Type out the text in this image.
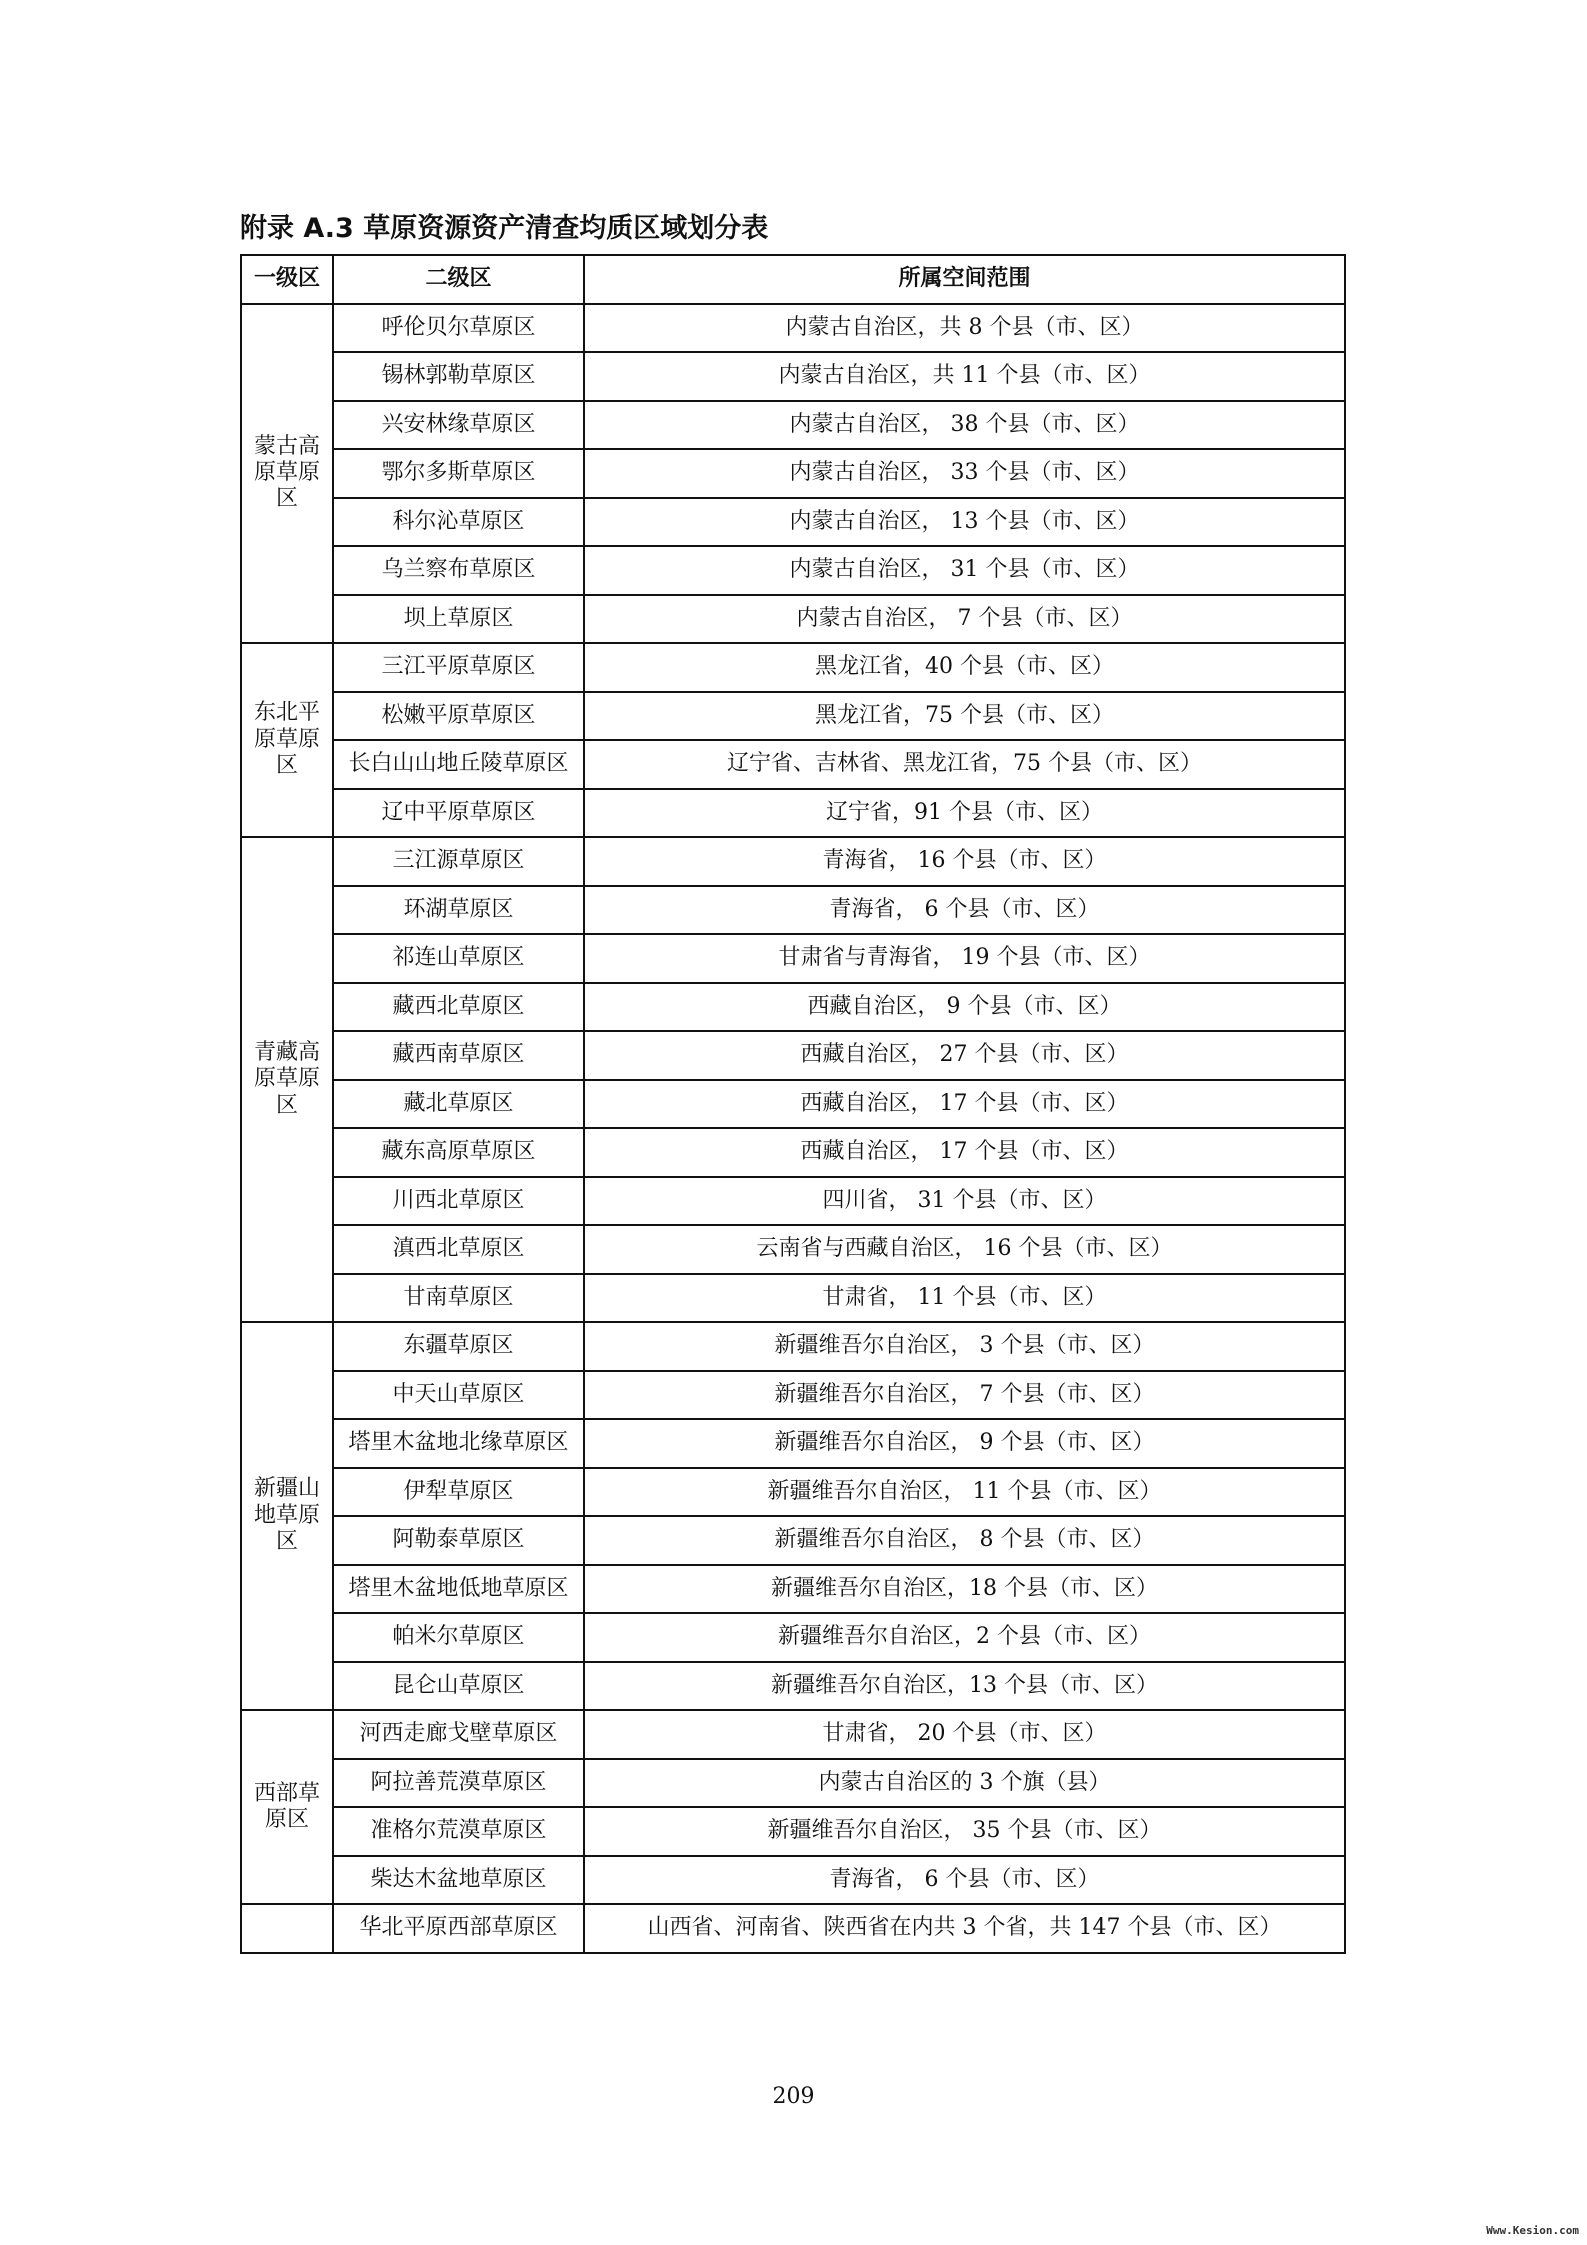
附录 A.3 草原资源资产清查均质区域划分表
一级区	二级区	所属空间范围
蒙古高
原草原
区	呼伦贝尔草原区	内蒙古自治区，共 8 个县（市、区）
	锡林郭勒草原区	内蒙古自治区，共 11 个县（市、区）
	兴安林缘草原区	内蒙古自治区， 38 个县（市、区）
	鄂尔多斯草原区	内蒙古自治区， 33 个县（市、区）
	科尔沁草原区	内蒙古自治区， 13 个县（市、区）
	乌兰察布草原区	内蒙古自治区， 31 个县（市、区）
	坝上草原区	内蒙古自治区， 7 个县（市、区）
东北平
原草原
区	三江平原草原区	黑龙江省，40 个县（市、区）
	松嫩平原草原区	黑龙江省，75 个县（市、区）
	长白山山地丘陵草原区	辽宁省、吉林省、黑龙江省，75 个县（市、区）
	辽中平原草原区	辽宁省，91 个县（市、区）
青藏高
原草原
区	三江源草原区	青海省， 16 个县（市、区）
	环湖草原区	青海省， 6 个县（市、区）
	祁连山草原区	甘肃省与青海省， 19 个县（市、区）
	藏西北草原区	西藏自治区， 9 个县（市、区）
	藏西南草原区	西藏自治区， 27 个县（市、区）
	藏北草原区	西藏自治区， 17 个县（市、区）
	藏东高原草原区	西藏自治区， 17 个县（市、区）
	川西北草原区	四川省， 31 个县（市、区）
	滇西北草原区	云南省与西藏自治区， 16 个县（市、区）
	甘南草原区	甘肃省， 11 个县（市、区）
新疆山
地草原
区	东疆草原区	新疆维吾尔自治区， 3 个县（市、区）
	中天山草原区	新疆维吾尔自治区， 7 个县（市、区）
	塔里木盆地北缘草原区	新疆维吾尔自治区， 9 个县（市、区）
	伊犁草原区	新疆维吾尔自治区， 11 个县（市、区）
	阿勒泰草原区	新疆维吾尔自治区， 8 个县（市、区）
	塔里木盆地低地草原区	新疆维吾尔自治区，18 个县（市、区）
	帕米尔草原区	新疆维吾尔自治区，2 个县（市、区）
	昆仑山草原区	新疆维吾尔自治区，13 个县（市、区）
西部草
原区	河西走廊戈壁草原区	甘肃省， 20 个县（市、区）
	阿拉善荒漠草原区	内蒙古自治区的 3 个旗（县）
	准格尔荒漠草原区	新疆维吾尔自治区， 35 个县（市、区）
	柴达木盆地草原区	青海省， 6 个县（市、区）
	华北平原西部草原区	山西省、河南省、陕西省在内共 3 个省，共 147 个县（市、区）
209
Www.Kesion.com
